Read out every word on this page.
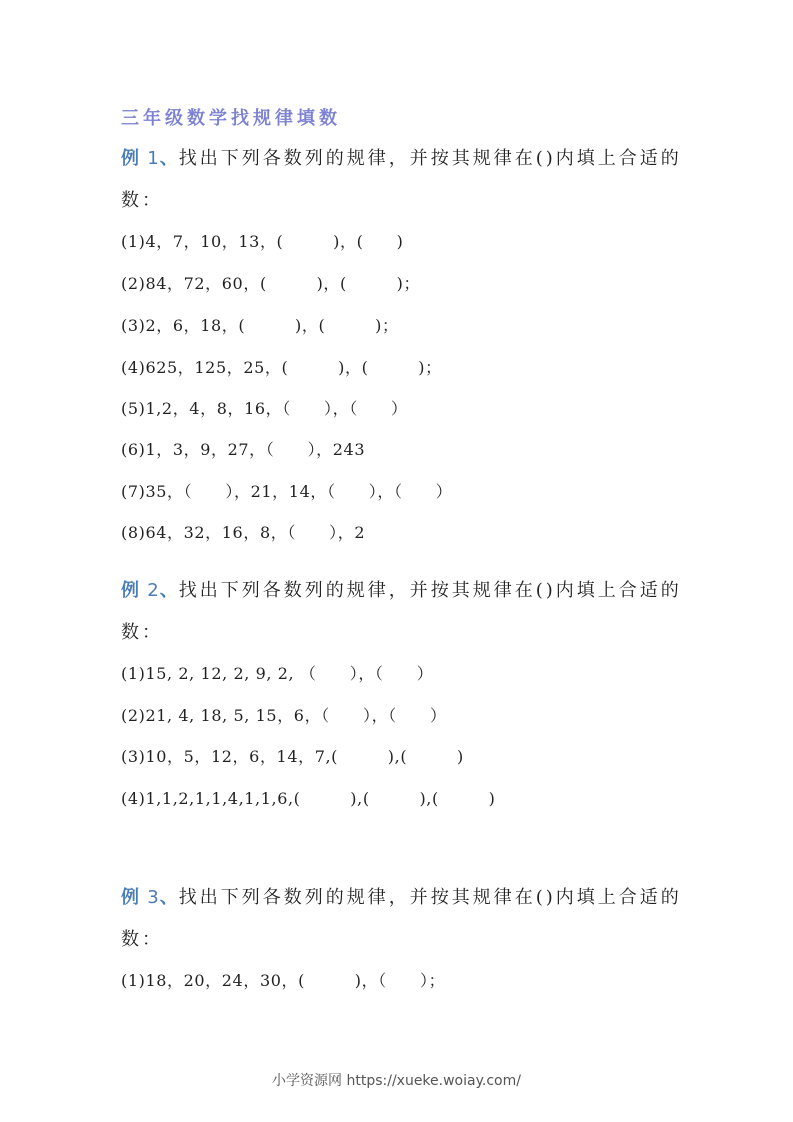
三年级数学找规律填数
例 1、找出下列各数列的规律，并按其规律在()内填上合适的
数：
(1)4，7，10，13，(　　　)，(　　)
(2)84，72，60，(　　　)，(　　　)；
(3)2，6，18，(　　　)，(　　　)；
(4)625，125，25，(　　　)，(　　　)；
(5)1,2，4，8，16，（　　），（　　）
(6)1，3，9，27，（　　），243
(7)35，（　　），21，14，（　　），（　　）
(8)64，32，16，8，（　　），2
例 2、找出下列各数列的规律，并按其规律在()内填上合适的
数：
(1)15, 2, 12, 2, 9, 2, （　　），（　　）
(2)21, 4, 18, 5, 15，6，（　　），（　　）
(3)10，5，12，6，14，7,(　　　),(　　　)
(4)1,1,2,1,1,4,1,1,6,(　　　),(　　　),(　　　)
例 3、找出下列各数列的规律，并按其规律在()内填上合适的
数：
(1)18，20，24，30，(　　　)，（　　）；
小学资源网 https://xueke.woiay.com/
